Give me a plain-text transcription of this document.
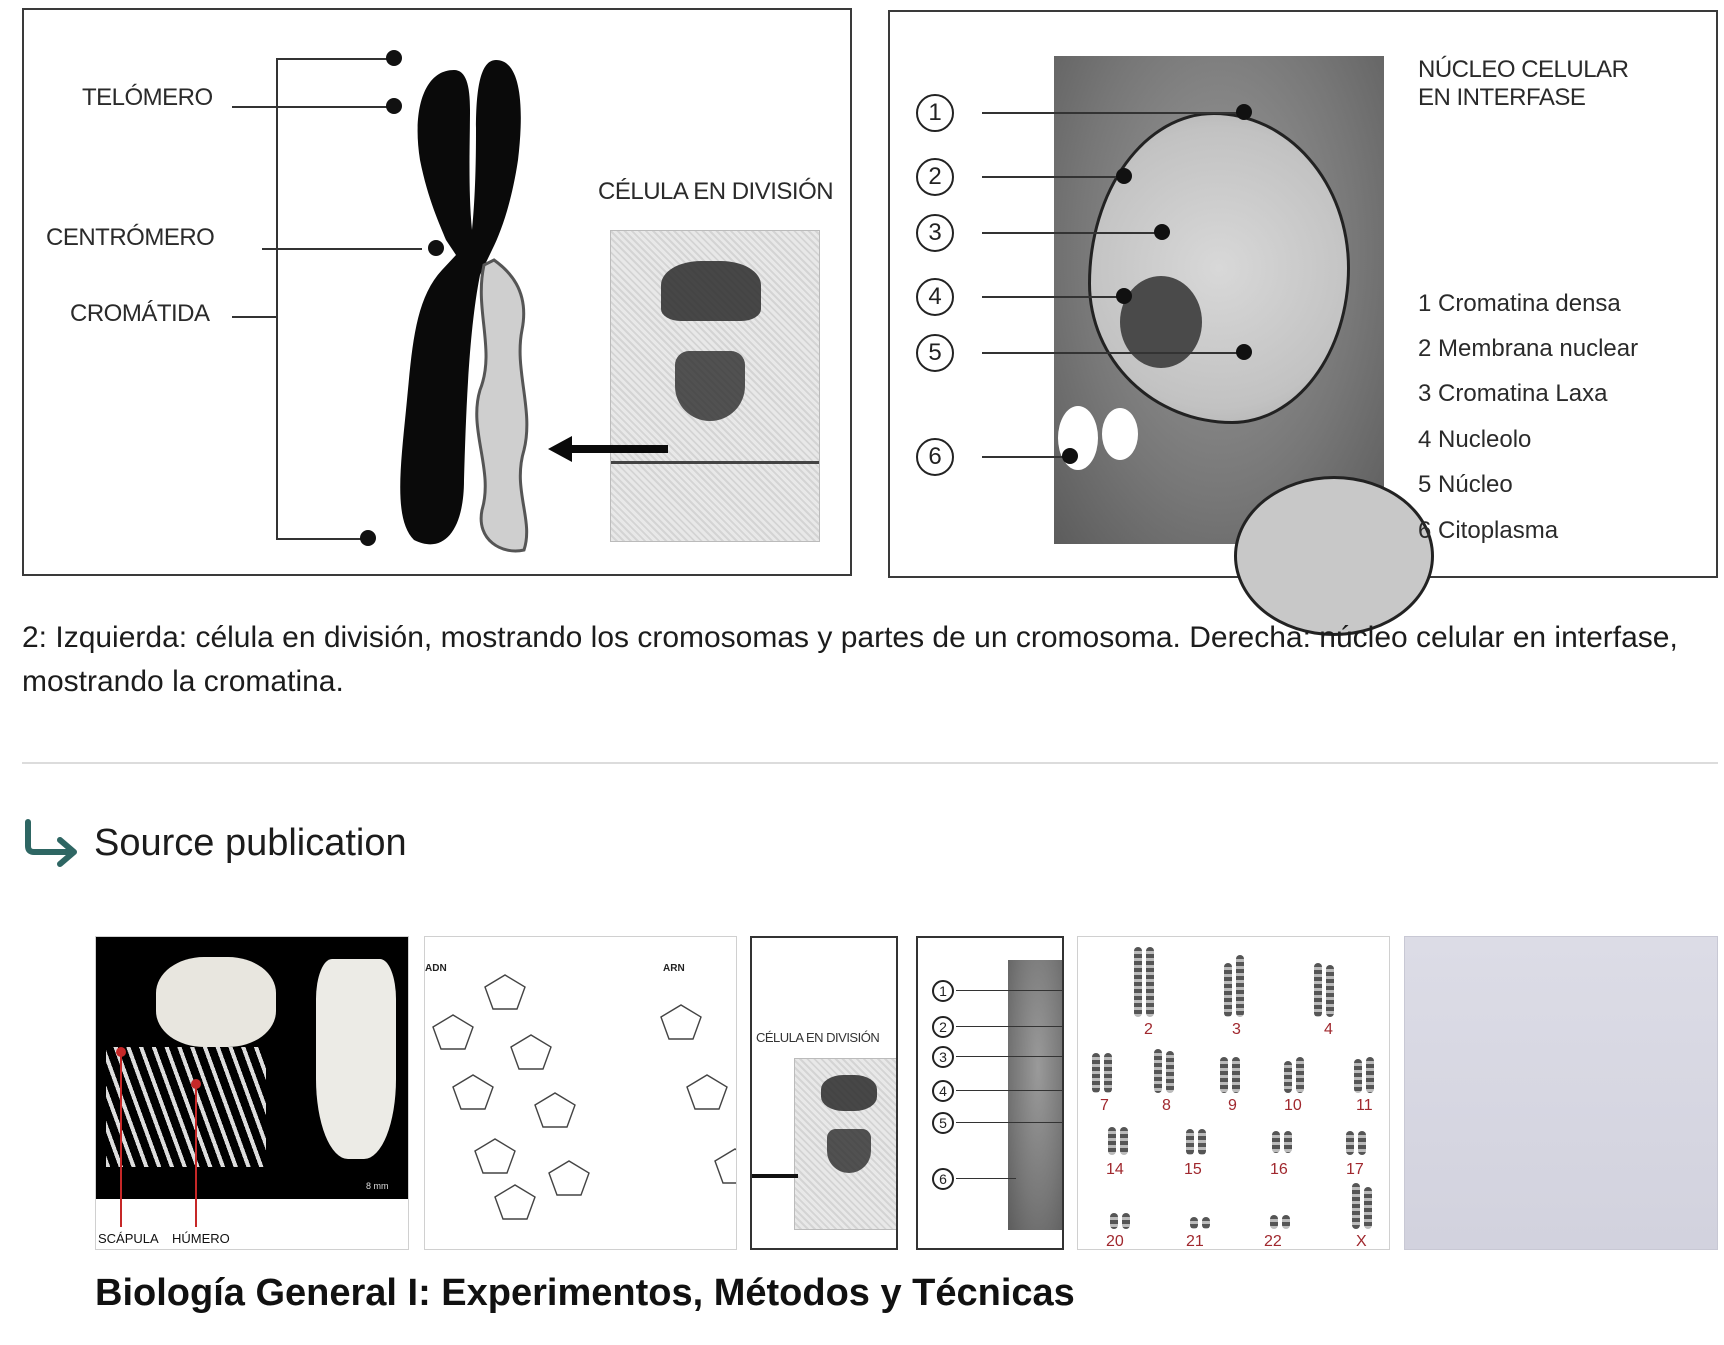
TELÓMERO
CENTRÓMERO
CROMÁTIDA
CÉLULA EN DIVISIÓN
1
2
3
4
5
6
NÚCLEO CELULAR
EN INTERFASE
1 Cromatina densa
2 Membrana nuclear
3 Cromatina Laxa
4 Nucleolo
5 Núcleo
6 Citoplasma

2: Izquierda: célula en división, mostrando los cromosomas y partes de un cromosoma. Derecha: núcleo celular en interfase, mostrando la cromatina.

Source publication
SCÁPULA HÚMERO
8 mm
ADN	ARN
CÉLULA EN DIVISIÓN
1
2
3
4
5
6
2	3	4
7	8	9	10	11
14	15	16	17
20	21	22	X
Biología General I: Experimentos, Métodos y Técnicas
